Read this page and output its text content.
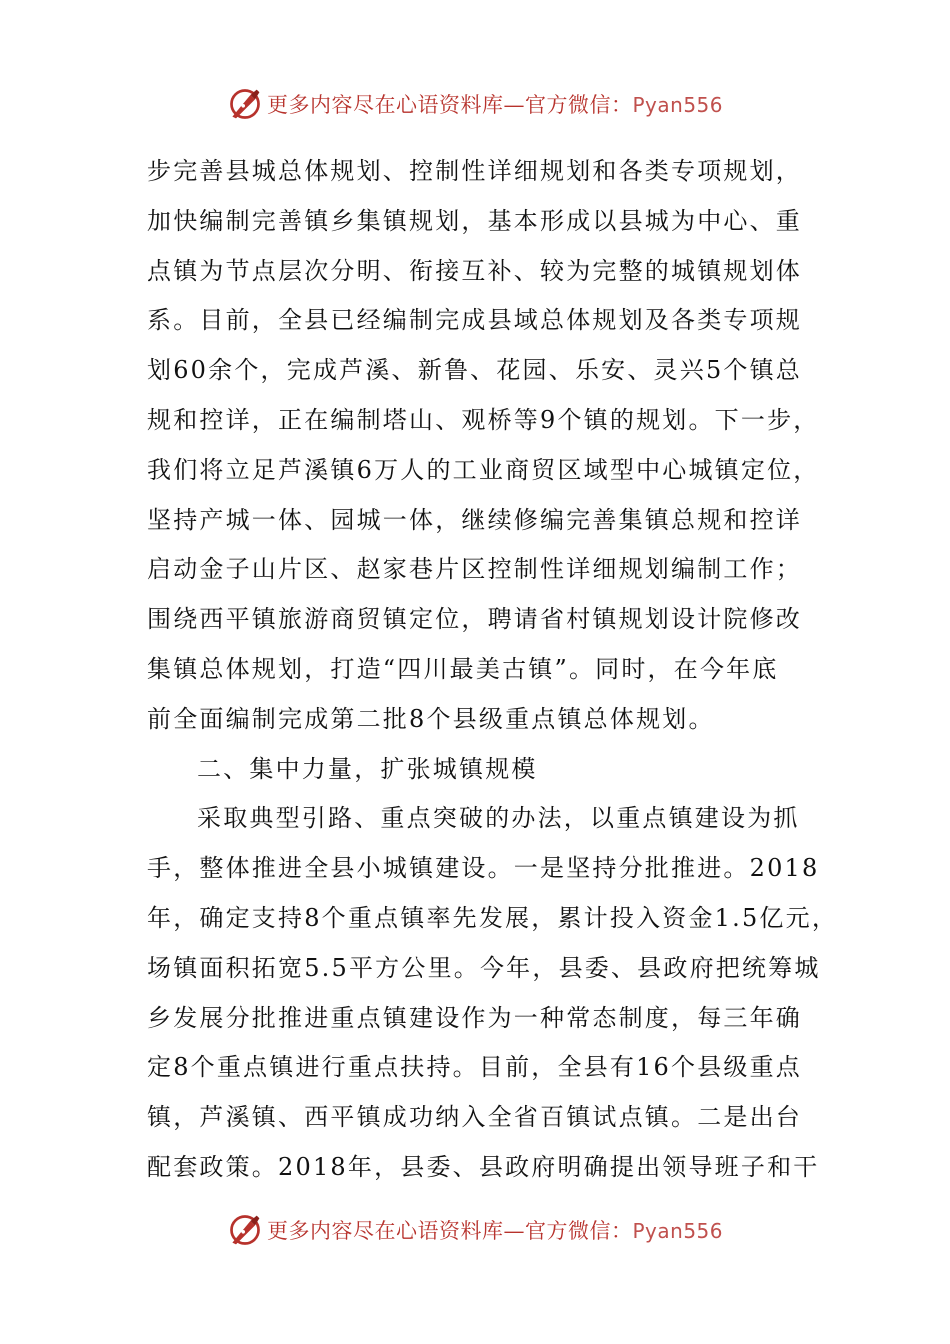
更多内容尽在心语资料库—官方微信：Pyan556
步完善县城总体规划、控制性详细规划和各类专项规划，
加快编制完善镇乡集镇规划，基本形成以县城为中心、重
点镇为节点层次分明、衔接互补、较为完整的城镇规划体
系。目前，全县已经编制完成县域总体规划及各类专项规
划60余个，完成芦溪、新鲁、花园、乐安、灵兴5个镇总
规和控详，正在编制塔山、观桥等9个镇的规划。下一步，
我们将立足芦溪镇6万人的工业商贸区域型中心城镇定位，
坚持产城一体、园城一体，继续修编完善集镇总规和控详
启动金子山片区、赵家巷片区控制性详细规划编制工作；
围绕西平镇旅游商贸镇定位，聘请省村镇规划设计院修改
集镇总体规划，打造“四川最美古镇”。同时，在今年底
前全面编制完成第二批8个县级重点镇总体规划。
二、集中力量，扩张城镇规模
采取典型引路、重点突破的办法，以重点镇建设为抓
手，整体推进全县小城镇建设。一是坚持分批推进。2018
年，确定支持8个重点镇率先发展，累计投入资金1.5亿元，
场镇面积拓宽5.5平方公里。今年，县委、县政府把统筹城
乡发展分批推进重点镇建设作为一种常态制度，每三年确
定8个重点镇进行重点扶持。目前，全县有16个县级重点
镇，芦溪镇、西平镇成功纳入全省百镇试点镇。二是出台
配套政策。2018年，县委、县政府明确提出领导班子和干
更多内容尽在心语资料库—官方微信：Pyan556
